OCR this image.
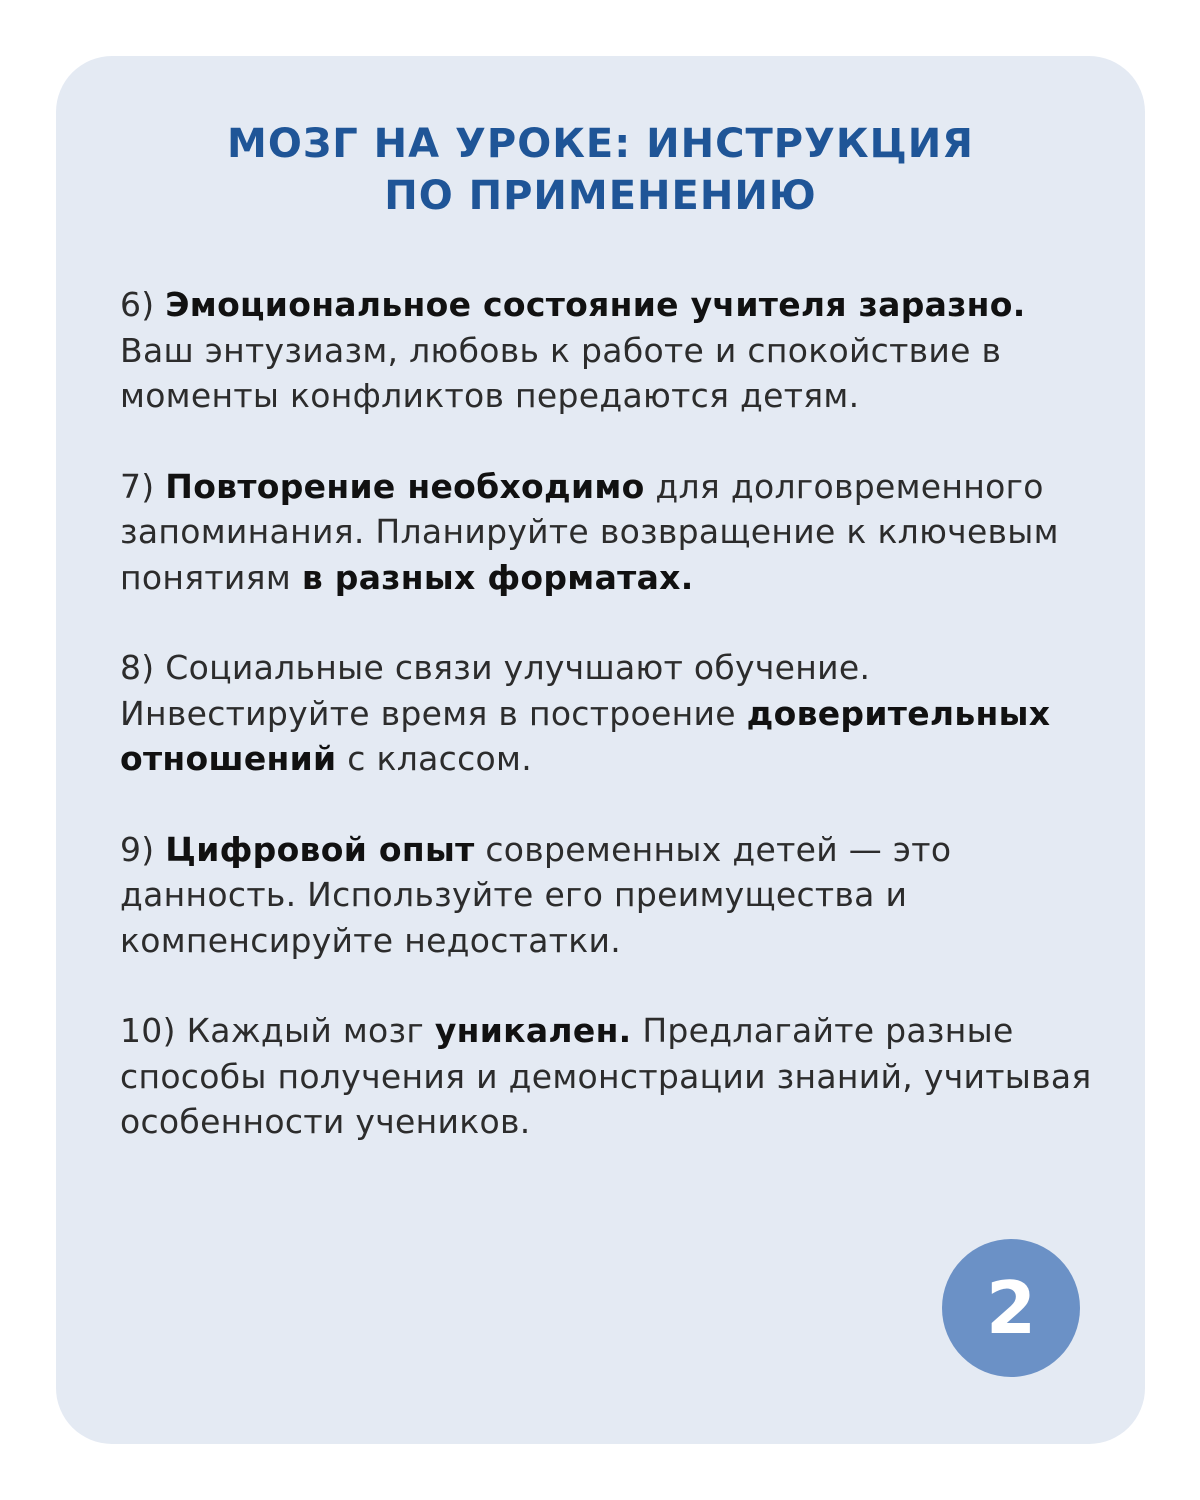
МОЗГ НА УРОКЕ: ИНСТРУКЦИЯ
ПО ПРИМЕНЕНИЮ

6) Эмоциональное состояние учителя заразно. Ваш энтузиазм, любовь к работе и спокойствие в моменты конфликтов передаются детям.

7) Повторение необходимо для долговременного запоминания. Планируйте возвращение к ключевым понятиям в разных форматах.

8) Социальные связи улучшают обучение. Инвестируйте время в построение доверительных отношений с классом.

9) Цифровой опыт современных детей — это данность. Используйте его преимущества и компенсируйте недостатки.

10) Каждый мозг уникален. Предлагайте разные способы получения и демонстрации знаний, учитывая особенности учеников.

2
